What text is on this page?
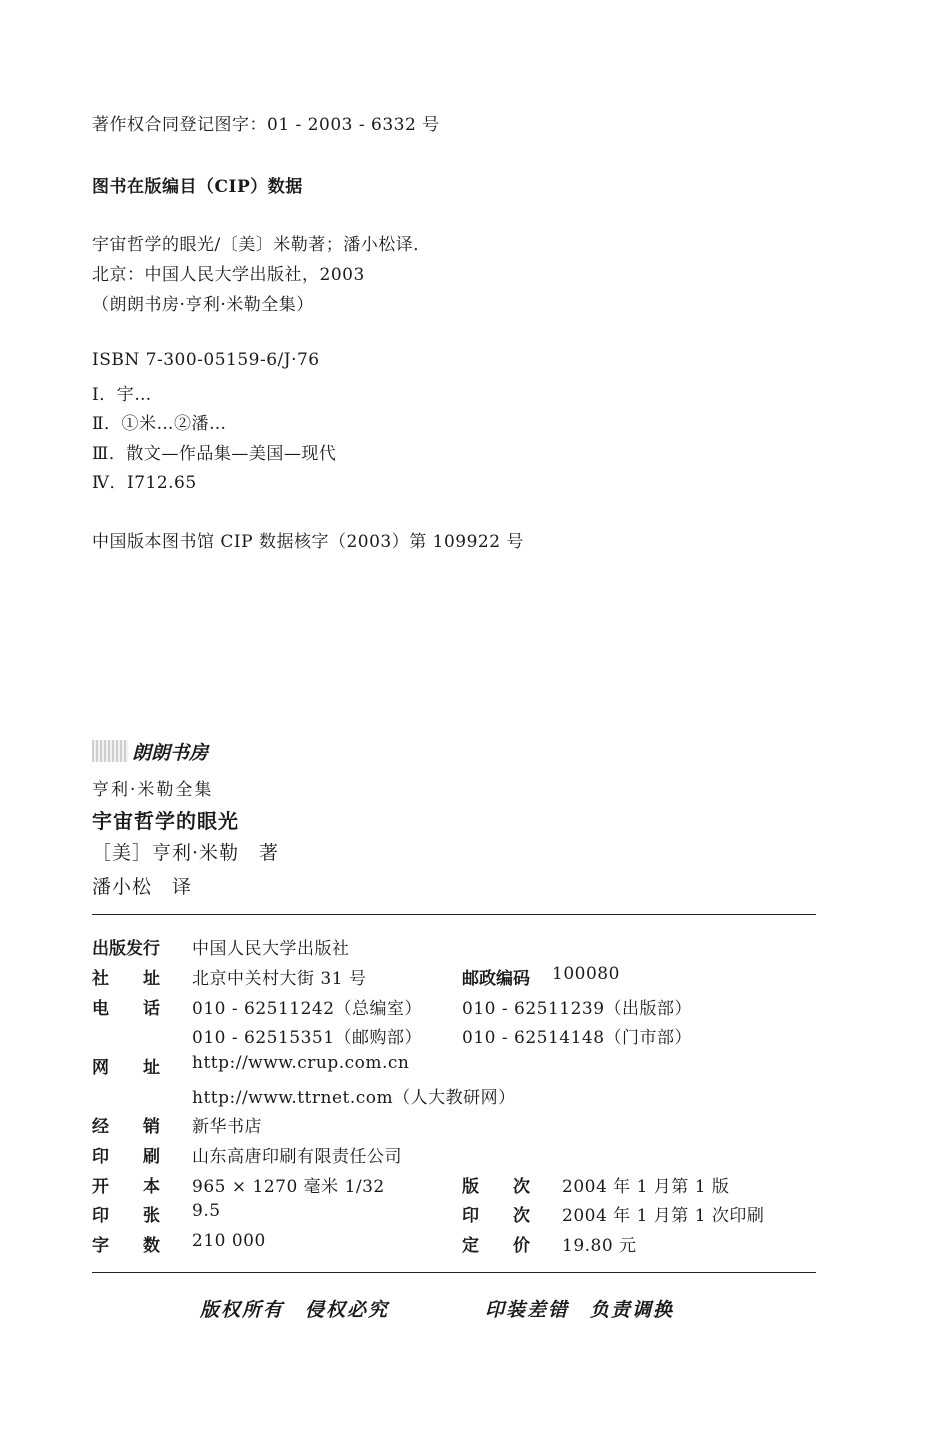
著作权合同登记图字：01 - 2003 - 6332 号
图书在版编目（CIP）数据
宇宙哲学的眼光/〔美〕米勒著；潘小松译．
北京：中国人民大学出版社，2003
（朗朗书房·亨利·米勒全集）
ISBN 7-300-05159-6/J·76
Ⅰ．宇…
Ⅱ．①米…②潘…
Ⅲ．散文—作品集—美国—现代
Ⅳ．I712.65
中国版本图书馆 CIP 数据核字（2003）第 109922 号
朗朗书房
亨利·米勒全集
宇宙哲学的眼光
［美］亨利·米勒　著
潘小松　译
出版发行 中国人民大学出版社
社　　址 北京中关村大街 31 号	邮政编码 100080
电　　话 010 - 62511242（总编室） 010 - 62511239（出版部）
010 - 62515351（邮购部） 010 - 62514148（门市部）
网　　址 http://www.crup.com.cn
http://www.ttrnet.com（人大教研网）
经　　销 新华书店
印　　刷 山东高唐印刷有限责任公司
开　　本 965 × 1270 毫米 1/32	版　　次 2004 年 1 月第 1 版
印　　张 9.5	印　　次 2004 年 1 月第 1 次印刷
字　　数 210 000	定　　价 19.80 元
版权所有　侵权必究	印装差错　负责调换
